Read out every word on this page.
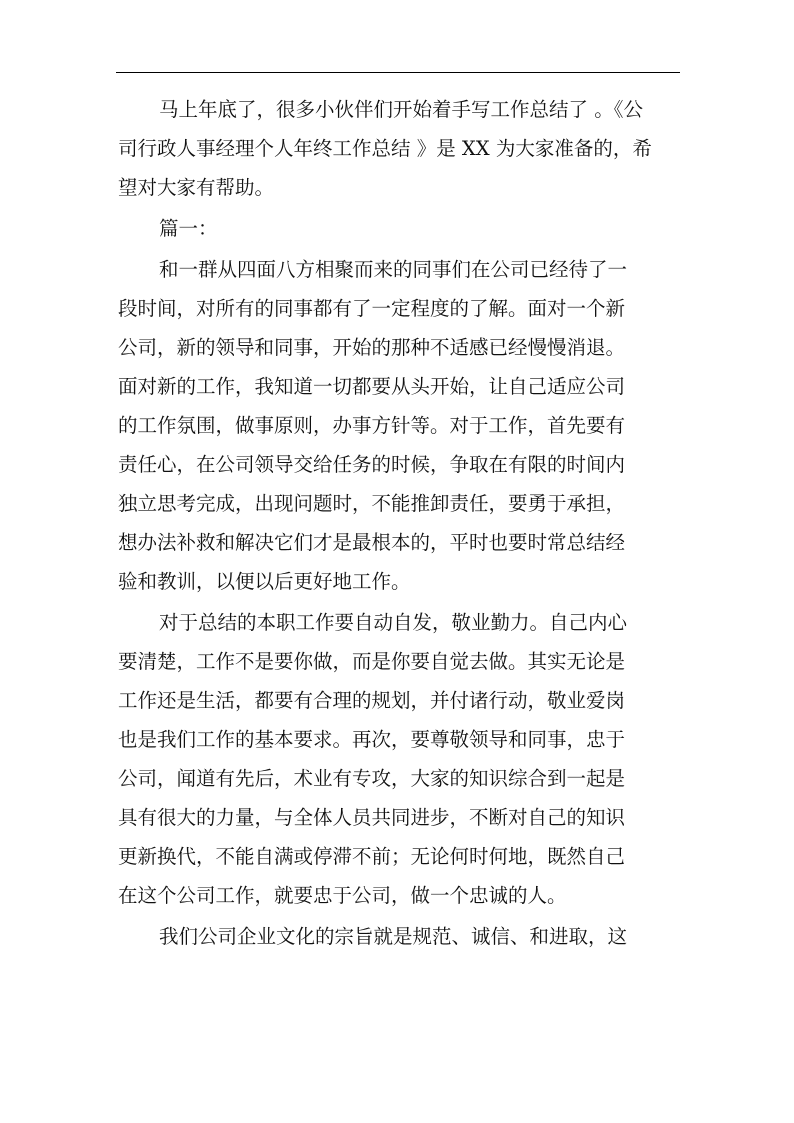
马上年底了，很多小伙伴们开始着手写工作总结了 。《公
司行政人事经理个人年终工作总结 》是 XX 为大家准备的，希
望对大家有帮助。
篇一：
和一群从四面八方相聚而来的同事们在公司已经待了一
段时间，对所有的同事都有了一定程度的了解。面对一个新
公司，新的领导和同事，开始的那种不适感已经慢慢消退。
面对新的工作，我知道一切都要从头开始，让自己适应公司
的工作氛围，做事原则，办事方针等。对于工作，首先要有
责任心，在公司领导交给任务的时候，争取在有限的时间内
独立思考完成，出现问题时，不能推卸责任，要勇于承担，
想办法补救和解决它们才是最根本的，平时也要时常总结经
验和教训，以便以后更好地工作。
对于总结的本职工作要自动自发，敬业勤力。自己内心
要清楚，工作不是要你做，而是你要自觉去做。其实无论是
工作还是生活，都要有合理的规划，并付诸行动，敬业爱岗
也是我们工作的基本要求。再次，要尊敬领导和同事，忠于
公司，闻道有先后，术业有专攻，大家的知识综合到一起是
具有很大的力量，与全体人员共同进步，不断对自己的知识
更新换代，不能自满或停滞不前；无论何时何地，既然自己
在这个公司工作，就要忠于公司，做一个忠诚的人。
我们公司企业文化的宗旨就是规范、诚信、和进取，这
